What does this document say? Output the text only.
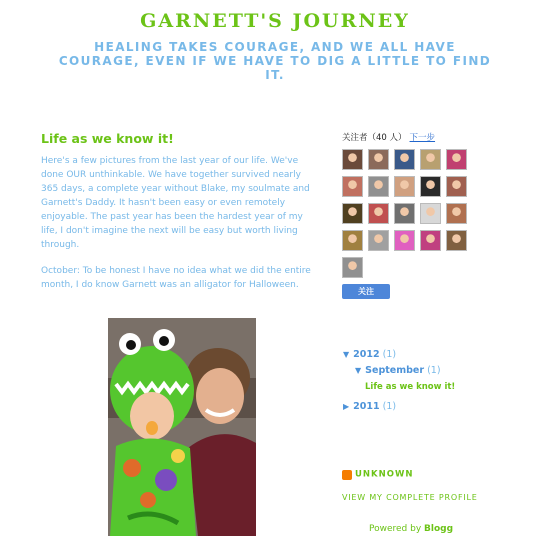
GARNETT'S JOURNEY

HEALING TAKES COURAGE, AND WE ALL HAVE COURAGE, EVEN IF WE HAVE TO DIG A LITTLE TO FIND IT.

Life as we know it!

Here's a few pictures from the last year of our life. We've done OUR unthinkable. We have together survived nearly 365 days, a complete year without Blake, my soulmate and Garnett's Daddy. It hasn't been easy or even remotely enjoyable. The past year has been the hardest year of my life, I don't imagine the next will be easy but worth living through.

October: To be honest I have no idea what we did the entire month, I do know Garnett was an alligator for Halloween.

关注者（40 人） 下一步
关注
▼ 2012 (1)
▼ September (1)
Life as we know it!
▶ 2011 (1)
UNKNOWN
VIEW MY COMPLETE PROFILE
Powered by Blogg
